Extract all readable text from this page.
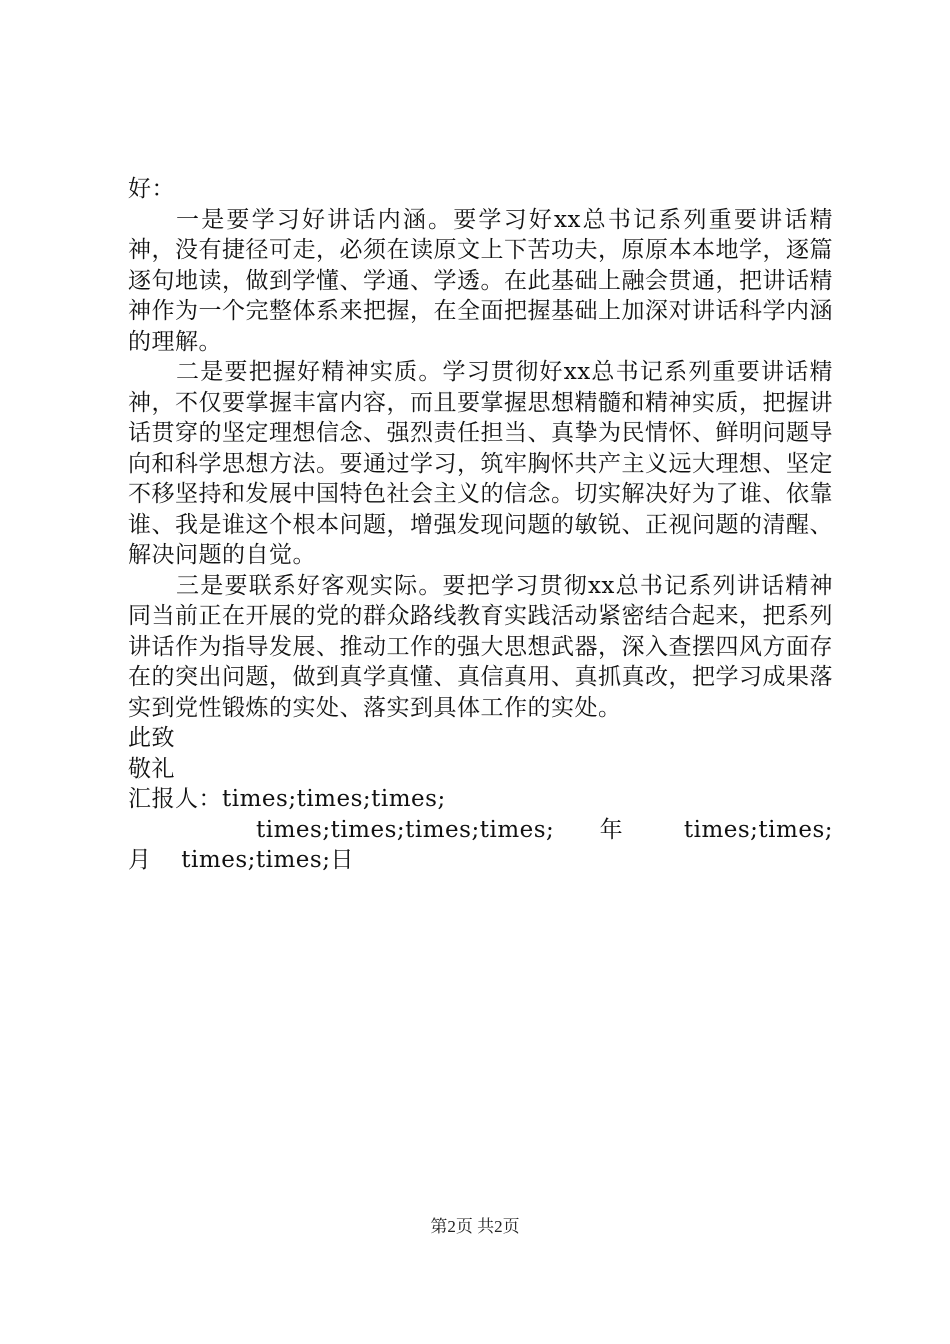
好：

一是要学习好讲话内涵。要学习好xx总书记系列重要讲话精神，没有捷径可走，必须在读原文上下苦功夫，原原本本地学，逐篇逐句地读，做到学懂、学通、学透。在此基础上融会贯通，把讲话精神作为一个完整体系来把握，在全面把握基础上加深对讲话科学内涵的理解。

二是要把握好精神实质。学习贯彻好xx总书记系列重要讲话精神，不仅要掌握丰富内容，而且要掌握思想精髓和精神实质，把握讲话贯穿的坚定理想信念、强烈责任担当、真挚为民情怀、鲜明问题导向和科学思想方法。要通过学习，筑牢胸怀共产主义远大理想、坚定不移坚持和发展中国特色社会主义的信念。切实解决好为了谁、依靠谁、我是谁这个根本问题，增强发现问题的敏锐、正视问题的清醒、解决问题的自觉。

三是要联系好客观实际。要把学习贯彻xx总书记系列讲话精神同当前正在开展的党的群众路线教育实践活动紧密结合起来，把系列讲话作为指导发展、推动工作的强大思想武器，深入查摆四风方面存在的突出问题，做到真学真懂、真信真用、真抓真改，把学习成果落实到党性锻炼的实处、落实到具体工作的实处。

此致

敬礼

汇报人：times;times;times;

times;times;times;times; 年 times;times; 月 times;times;日

第2页 共2页
